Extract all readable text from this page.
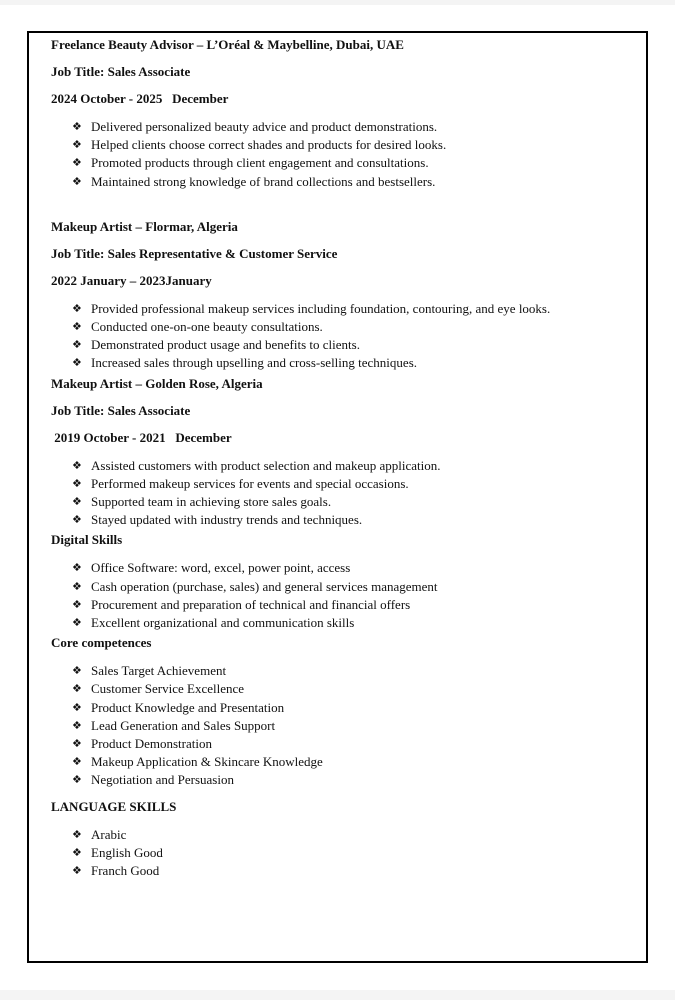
Freelance Beauty Advisor – L’Oréal & Maybelline, Dubai, UAE

Job Title: Sales Associate

2024 October - 2025   December

❖ Delivered personalized beauty advice and product demonstrations.
❖ Helped clients choose correct shades and products for desired looks.
❖ Promoted products through client engagement and consultations.
❖ Maintained strong knowledge of brand collections and bestsellers.

Makeup Artist – Flormar, Algeria

Job Title: Sales Representative & Customer Service

2022 January – 2023January

❖ Provided professional makeup services including foundation, contouring, and eye looks.
❖ Conducted one-on-one beauty consultations.
❖ Demonstrated product usage and benefits to clients.
❖ Increased sales through upselling and cross-selling techniques.

Makeup Artist – Golden Rose, Algeria

Job Title: Sales Associate

2019 October - 2021   December

❖ Assisted customers with product selection and makeup application.
❖ Performed makeup services for events and special occasions.
❖ Supported team in achieving store sales goals.
❖ Stayed updated with industry trends and techniques.

Digital Skills

❖ Office Software: word, excel, power point, access
❖ Cash operation (purchase, sales) and general services management
❖ Procurement and preparation of technical and financial offers
❖ Excellent organizational and communication skills

Core competences

❖ Sales Target Achievement
❖ Customer Service Excellence
❖ Product Knowledge and Presentation
❖ Lead Generation and Sales Support
❖ Product Demonstration
❖ Makeup Application & Skincare Knowledge
❖ Negotiation and Persuasion

LANGUAGE SKILLS

❖ Arabic
❖ English Good
❖ Franch Good
